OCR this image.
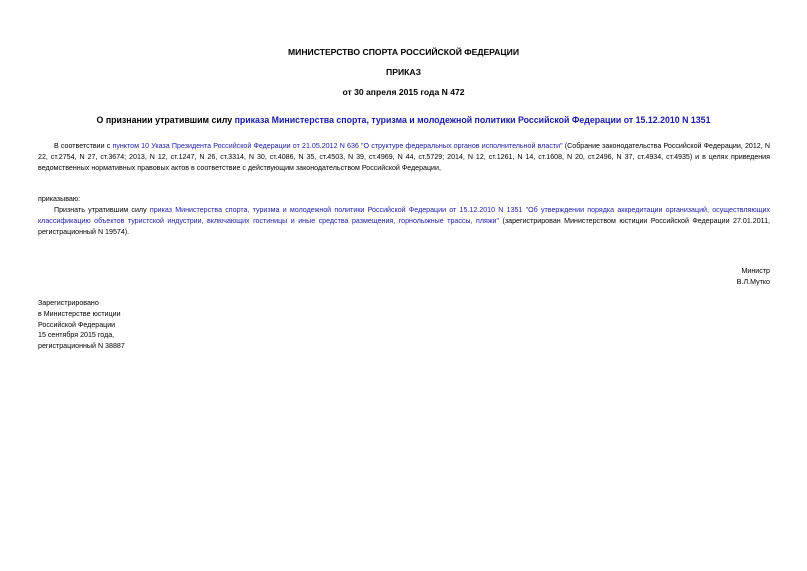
МИНИСТЕРСТВО СПОРТА РОССИЙСКОЙ ФЕДЕРАЦИИ
ПРИКАЗ
от 30 апреля 2015 года N 472
О признании утратившим силу приказа Министерства спорта, туризма и молодежной политики Российской Федерации от 15.12.2010 N 1351
В соответствии с пунктом 10 Указа Президента Российской Федерации от 21.05.2012 N 636 "О структуре федеральных органов исполнительной власти" (Собрание законодательства Российской Федерации, 2012, N 22, ст.2754, N 27, ст.3674; 2013, N 12, ст.1247, N 26, ст.3314, N 30, ст.4086, N 35, ст.4503, N 39, ст.4969, N 44, ст.5729; 2014, N 12, ст.1261, N 14, ст.1608, N 20, ст.2496, N 37, ст.4934, ст.4935) и в целях приведения ведомственных нормативных правовых актов в соответствие с действующим законодательством Российской Федерации,
приказываю:
Признать утратившим силу приказ Министерства спорта, туризма и молодежной политики Российской Федерации от 15.12.2010 N 1351 "Об утверждении порядка аккредитации организаций, осуществляющих классификацию объектов туристской индустрии, включающих гостиницы и иные средства размещения, горнолыжные трассы, пляжи" (зарегистрирован Министерством юстиции Российской Федерации 27.01.2011, регистрационный N 19574).
Министр
В.Л.Мутко
Зарегистрировано
в Министерстве юстиции
Российской Федерации
15 сентября 2015 года,
регистрационный N 38887
